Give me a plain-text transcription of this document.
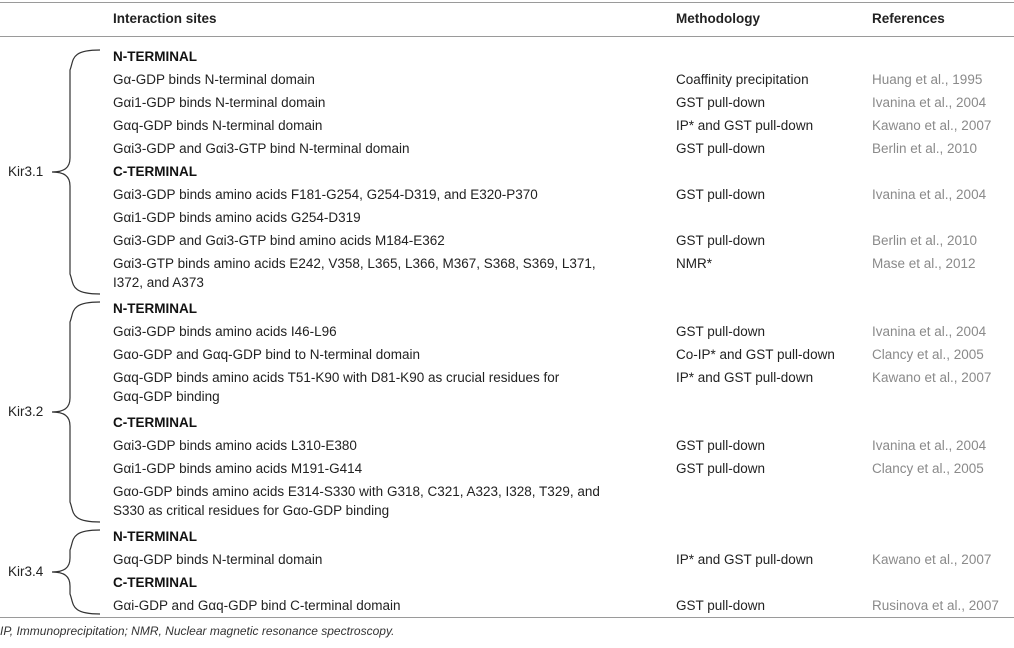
Interaction sites	Methodology	References
N-TERMINAL
Gα-GDP binds N-terminal domain	Coaffinity precipitation	Huang et al., 1995
Gαi1-GDP binds N-terminal domain	GST pull-down	Ivanina et al., 2004
Gαq-GDP binds N-terminal domain	IP* and GST pull-down	Kawano et al., 2007
Gαi3-GDP and Gαi3-GTP bind N-terminal domain	GST pull-down	Berlin et al., 2010
C-TERMINAL
Gαi3-GDP binds amino acids F181-G254, G254-D319, and E320-P370	GST pull-down	Ivanina et al., 2004
Gαi1-GDP binds amino acids G254-D319
Gαi3-GDP and Gαi3-GTP bind amino acids M184-E362	GST pull-down	Berlin et al., 2010
Gαi3-GTP binds amino acids E242, V358, L365, L366, M367, S368, S369, L371,	NMR*	Mase et al., 2012
I372, and A373
Kir3.1
N-TERMINAL
Gαi3-GDP binds amino acids I46-L96	GST pull-down	Ivanina et al., 2004
Gαo-GDP and Gαq-GDP bind to N-terminal domain	Co-IP* and GST pull-down	Clancy et al., 2005
Gαq-GDP binds amino acids T51-K90 with D81-K90 as crucial residues for	IP* and GST pull-down	Kawano et al., 2007
Gαq-GDP binding
C-TERMINAL
Gαi3-GDP binds amino acids L310-E380	GST pull-down	Ivanina et al., 2004
Gαi1-GDP binds amino acids M191-G414	GST pull-down	Clancy et al., 2005
Gαo-GDP binds amino acids E314-S330 with G318, C321, A323, I328, T329, and
S330 as critical residues for Gαo-GDP binding
Kir3.2
N-TERMINAL
Gαq-GDP binds N-terminal domain	IP* and GST pull-down	Kawano et al., 2007
C-TERMINAL
Gαi-GDP and Gαq-GDP bind C-terminal domain	GST pull-down	Rusinova et al., 2007
Kir3.4
IP, Immunoprecipitation; NMR, Nuclear magnetic resonance spectroscopy.
